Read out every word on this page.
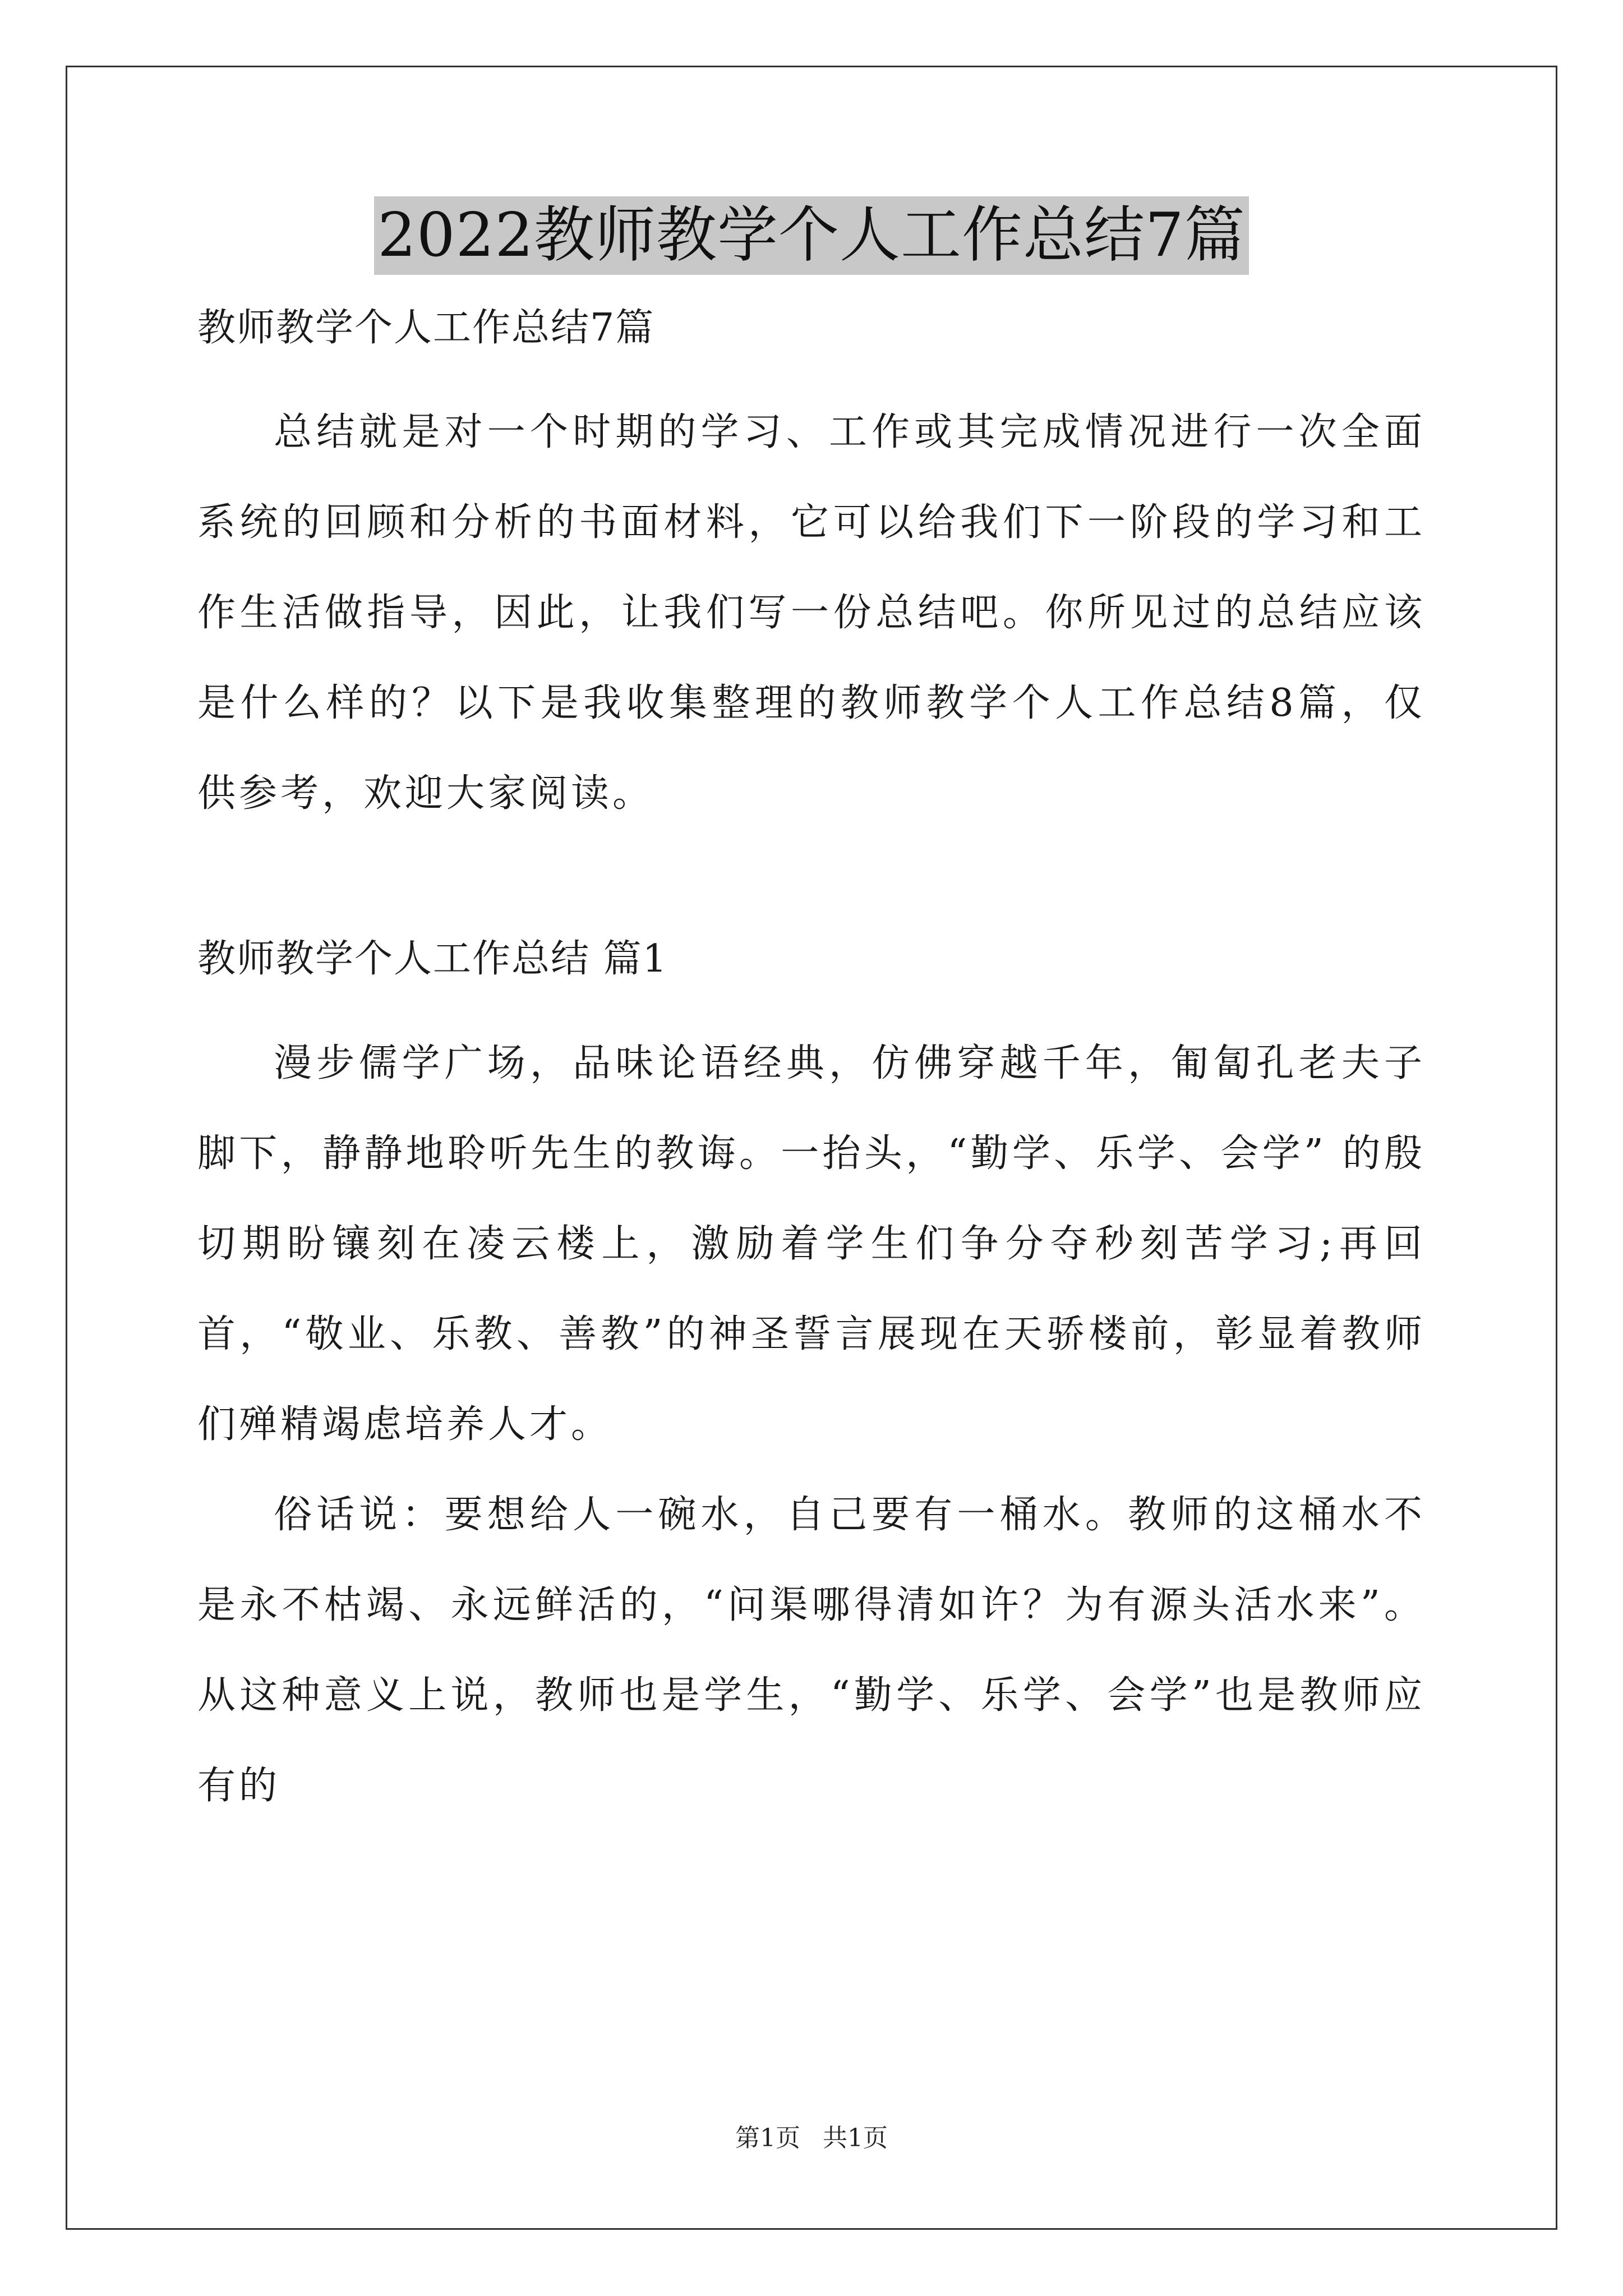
2022教师教学个人工作总结7篇

教师教学个人工作总结7篇

总结就是对一个时期的学习、工作或其完成情况进行一次全面系统的回顾和分析的书面材料，它可以给我们下一阶段的学习和工作生活做指导，因此，让我们写一份总结吧。你所见过的总结应该是什么样的？以下是我收集整理的教师教学个人工作总结8篇，仅供参考，欢迎大家阅读。

教师教学个人工作总结 篇1

漫步儒学广场，品味论语经典，仿佛穿越千年，匍匐孔老夫子脚下，静静地聆听先生的教诲。一抬头，“勤学、乐学、会学” 的殷切期盼镶刻在凌云楼上，激励着学生们争分夺秒刻苦学习;再回首，“敬业、乐教、善教”的神圣誓言展现在天骄楼前，彰显着教师们殚精竭虑培养人才。

俗话说：要想给人一碗水，自己要有一桶水。教师的这桶水不是永不枯竭、永远鲜活的，“问渠哪得清如许？为有源头活水来”。从这种意义上说，教师也是学生，“勤学、乐学、会学”也是教师应有的

第1页 共1页
